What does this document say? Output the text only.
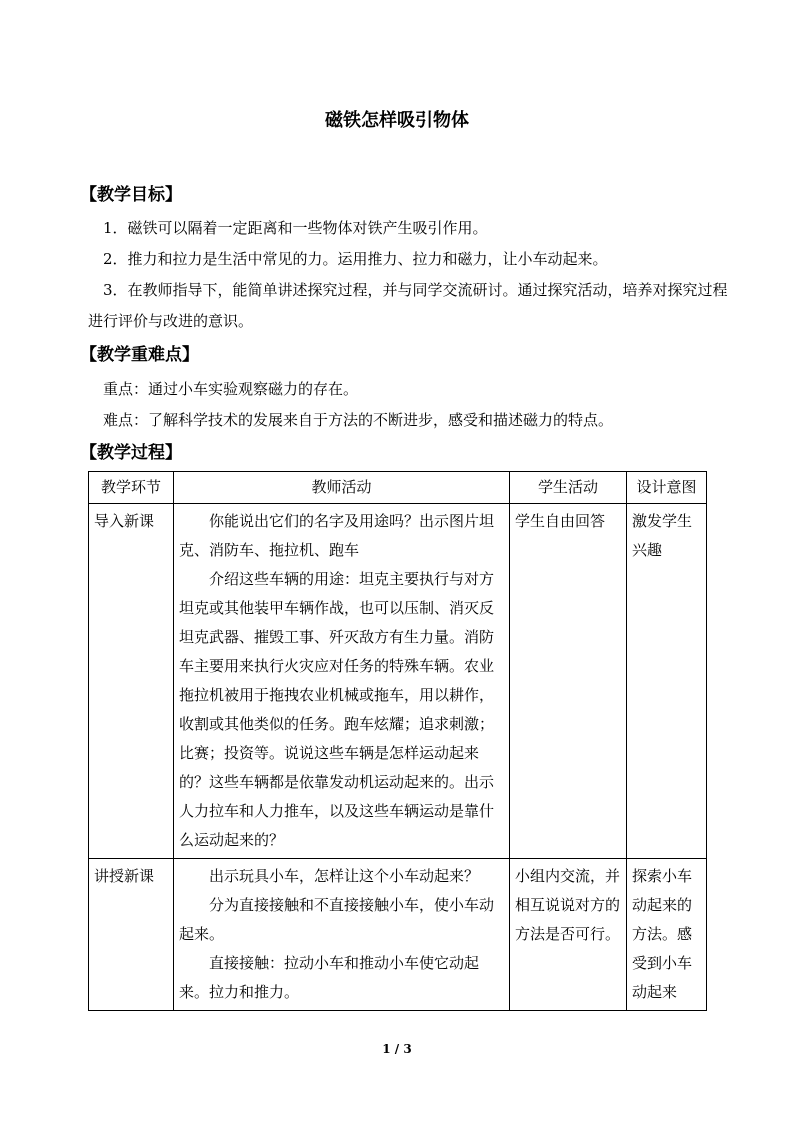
磁铁怎样吸引物体
【教学目标】
1．磁铁可以隔着一定距离和一些物体对铁产生吸引作用。
2．推力和拉力是生活中常见的力。运用推力、拉力和磁力，让小车动起来。
3．在教师指导下，能简单讲述探究过程，并与同学交流研讨。通过探究活动，培养对探究过程进行评价与改进的意识。
【教学重难点】
重点：通过小车实验观察磁力的存在。
难点：了解科学技术的发展来自于方法的不断进步，感受和描述磁力的特点。
【教学过程】
教学环节	教师活动	学生活动	设计意图

导入新课	你能说出它们的名字及用途吗？出示图片坦克、消防车、拖拉机、跑车

介绍这些车辆的用途：坦克主要执行与对方坦克或其他装甲车辆作战，也可以压制、消灭反坦克武器、摧毁工事、歼灭敌方有生力量。消防车主要用来执行火灾应对任务的特殊车辆。农业拖拉机被用于拖拽农业机械或拖车，用以耕作，收割或其他类似的任务。跑车炫耀；追求刺激；比赛；投资等。说说这些车辆是怎样运动起来的？这些车辆都是依靠发动机运动起来的。出示人力拉车和人力推车，以及这些车辆运动是靠什么运动起来的？	学生自由回答	激发学生兴趣

讲授新课	出示玩具小车，怎样让这个小车动起来？

分为直接接触和不直接接触小车，使小车动起来。

直接接触：拉动小车和推动小车使它动起来。拉力和推力。	小组内交流，并相互说说对方的方法是否可行。	探索小车动起来的方法。感受到小车动起来

1 / 3
